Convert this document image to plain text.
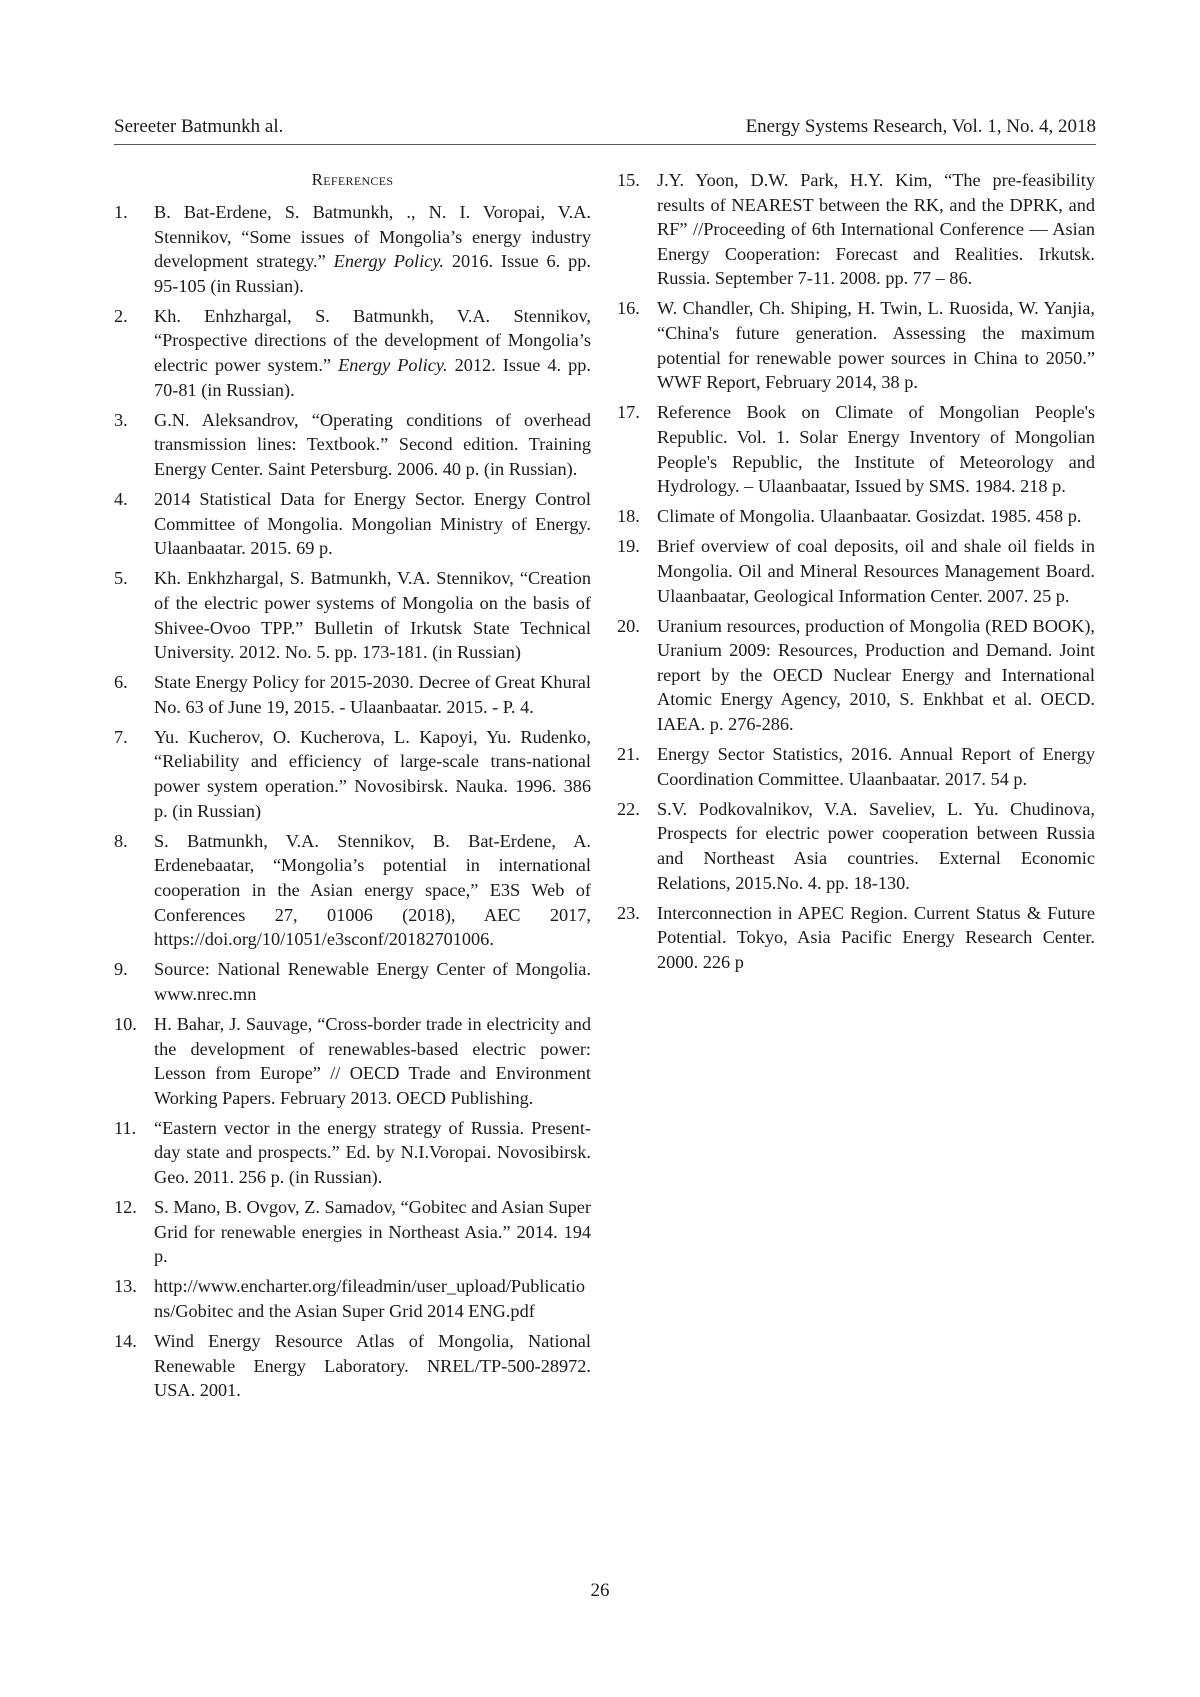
Sereeter Batmunkh al.	Energy Systems Research, Vol. 1, No. 4, 2018
References
1.	B. Bat-Erdene, S. Batmunkh, ., N. I. Voropai, V.A. Stennikov, “Some issues of Mongolia’s energy industry development strategy.” Energy Policy. 2016. Issue 6. pp. 95-105 (in Russian).
2.	Kh. Enhzhargal, S. Batmunkh, V.A. Stennikov, “Prospective directions of the development of Mongolia’s electric power system.” Energy Policy. 2012. Issue 4. pp. 70-81 (in Russian).
3.	G.N. Aleksandrov, “Operating conditions of overhead transmission lines: Textbook.” Second edition. Training Energy Center. Saint Petersburg. 2006. 40 p. (in Russian).
4.	2014 Statistical Data for Energy Sector. Energy Control Committee of Mongolia. Mongolian Ministry of Energy. Ulaanbaatar. 2015. 69 p.
5.	Kh. Enkhzhargal, S. Batmunkh, V.A. Stennikov, “Creation of the electric power systems of Mongolia on the basis of Shivee-Ovoo TPP.” Bulletin of Irkutsk State Technical University. 2012. No. 5. pp. 173-181. (in Russian)
6.	State Energy Policy for 2015-2030. Decree of Great Khural No. 63 of June 19, 2015. - Ulaanbaatar. 2015. - P. 4.
7.	Yu. Kucherov, O. Kucherova, L. Kapoyi, Yu. Rudenko, “Reliability and efficiency of large-scale trans-national power system operation.” Novosibirsk. Nauka. 1996. 386 p. (in Russian)
8.	S. Batmunkh, V.A. Stennikov, B. Bat-Erdene, A. Erdenebaatar, “Mongolia’s potential in international cooperation in the Asian energy space,” E3S Web of Conferences 27, 01006 (2018), AEC 2017, https://doi.org/10/1051/e3sconf/20182701006.
9.	Source: National Renewable Energy Center of Mongolia. www.nrec.mn
10. H. Bahar, J. Sauvage, “Cross-border trade in electricity and the development of renewables-based electric power: Lesson from Europe” // OECD Trade and Environment Working Papers. February 2013. OECD Publishing.
11. “Eastern vector in the energy strategy of Russia. Present-day state and prospects.” Ed. by N.I.Voropai. Novosibirsk. Geo. 2011. 256 p. (in Russian).
12. S. Mano, B. Ovgov, Z. Samadov, “Gobitec and Asian Super Grid for renewable energies in Northeast Asia.” 2014. 194 p.
13. http://www.encharter.org/fileadmin/user_upload/Publications/Gobitec and the Asian Super Grid 2014 ENG.pdf
14. Wind Energy Resource Atlas of Mongolia, National Renewable Energy Laboratory. NREL/TP-500-28972. USA. 2001.
15. J.Y. Yoon, D.W. Park, H.Y. Kim, “The pre-feasibility results of NEAREST between the RK, and the DPRK, and RF” //Proceeding of 6th International Conference — Asian Energy Cooperation: Forecast and Realities. Irkutsk. Russia. September 7-11. 2008. pp. 77 – 86.
16. W. Chandler, Ch. Shiping, H. Twin, L. Ruosida, W. Yanjia, “China's future generation. Assessing the maximum potential for renewable power sources in China to 2050.” WWF Report, February 2014, 38 p.
17. Reference Book on Climate of Mongolian People's Republic. Vol. 1. Solar Energy Inventory of Mongolian People's Republic, the Institute of Meteorology and Hydrology. – Ulaanbaatar, Issued by SMS. 1984. 218 p.
18. Climate of Mongolia. Ulaanbaatar. Gosizdat. 1985. 458 p.
19. Brief overview of coal deposits, oil and shale oil fields in Mongolia. Oil and Mineral Resources Management Board. Ulaanbaatar, Geological Information Center. 2007. 25 p.
20. Uranium resources, production of Mongolia (RED BOOK), Uranium 2009: Resources, Production and Demand. Joint report by the OECD Nuclear Energy and International Atomic Energy Agency, 2010, S. Enkhbat et al. OECD. IAEA. p. 276-286.
21. Energy Sector Statistics, 2016. Annual Report of Energy Coordination Committee. Ulaanbaatar. 2017. 54 p.
22. S.V. Podkovalnikov, V.A. Saveliev, L. Yu. Chudinova, Prospects for electric power cooperation between Russia and Northeast Asia countries. External Economic Relations, 2015.No. 4. pp. 18-130.
23. Interconnection in APEC Region. Current Status & Future Potential. Tokyo, Asia Pacific Energy Research Center. 2000. 226 p
26
